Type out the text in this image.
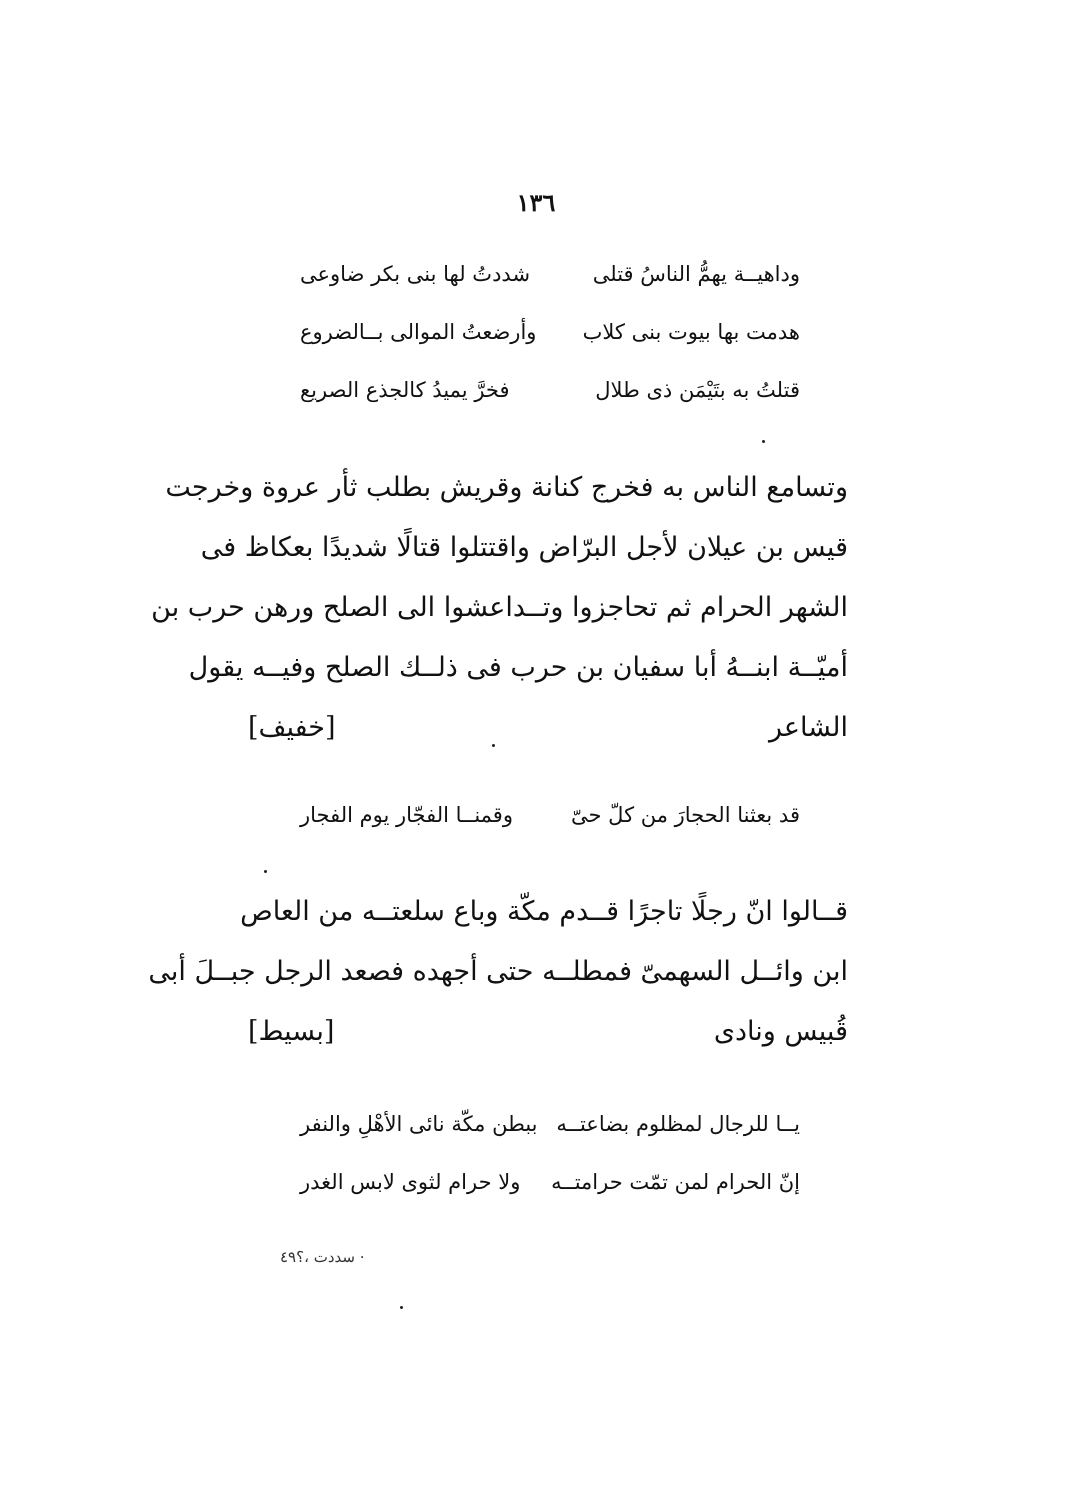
١٣٦
وداهيــة يهمُّ الناسُ قتلى
شددتُ لها بنى بكر ضاوعى
هدمت بها بيوت بنى كلاب
وأرضعتُ الموالى بــالضروع
قتلتُ به بتَيْمَن ذى طلال
فخرَّ يميدُ كالجذع الصريع
وتسامع الناس به فخرج كنانة وقريش بطلب ثأر عروة وخرجت
قيس بن عيلان لأجل البرّاض واقتتلوا قتالًا شديدًا بعكاظ فى
الشهر الحرام ثم تحاجزوا وتــداعشوا الى الصلح ورهن حرب بن
أميّــة ابنــهُ أبا سفيان بن حرب فى ذلــك الصلح وفيــه يقول
الشاعر
[خفيف]
قد بعثنا الحجارَ من كلّ حىّ
وقمنــا الفجّار يوم الفجار
قــالوا انّ رجلًا تاجرًا قــدم مكّة وباع سلعتــه من العاص
ابن وائــل السهمىّ فمطلــه حتى أجهده فصعد الرجل جبــلَ أبى
قُبيس ونادى
[بسيط]
يــا للرجال لمظلوم بضاعتــه
ببطن مكّة نائى الأهْلِ والنفر
إنّ الحرام لمن تمّت حرامتــه
ولا حرام لثوى لابس الغدر
· سددت ،؟٤٩
